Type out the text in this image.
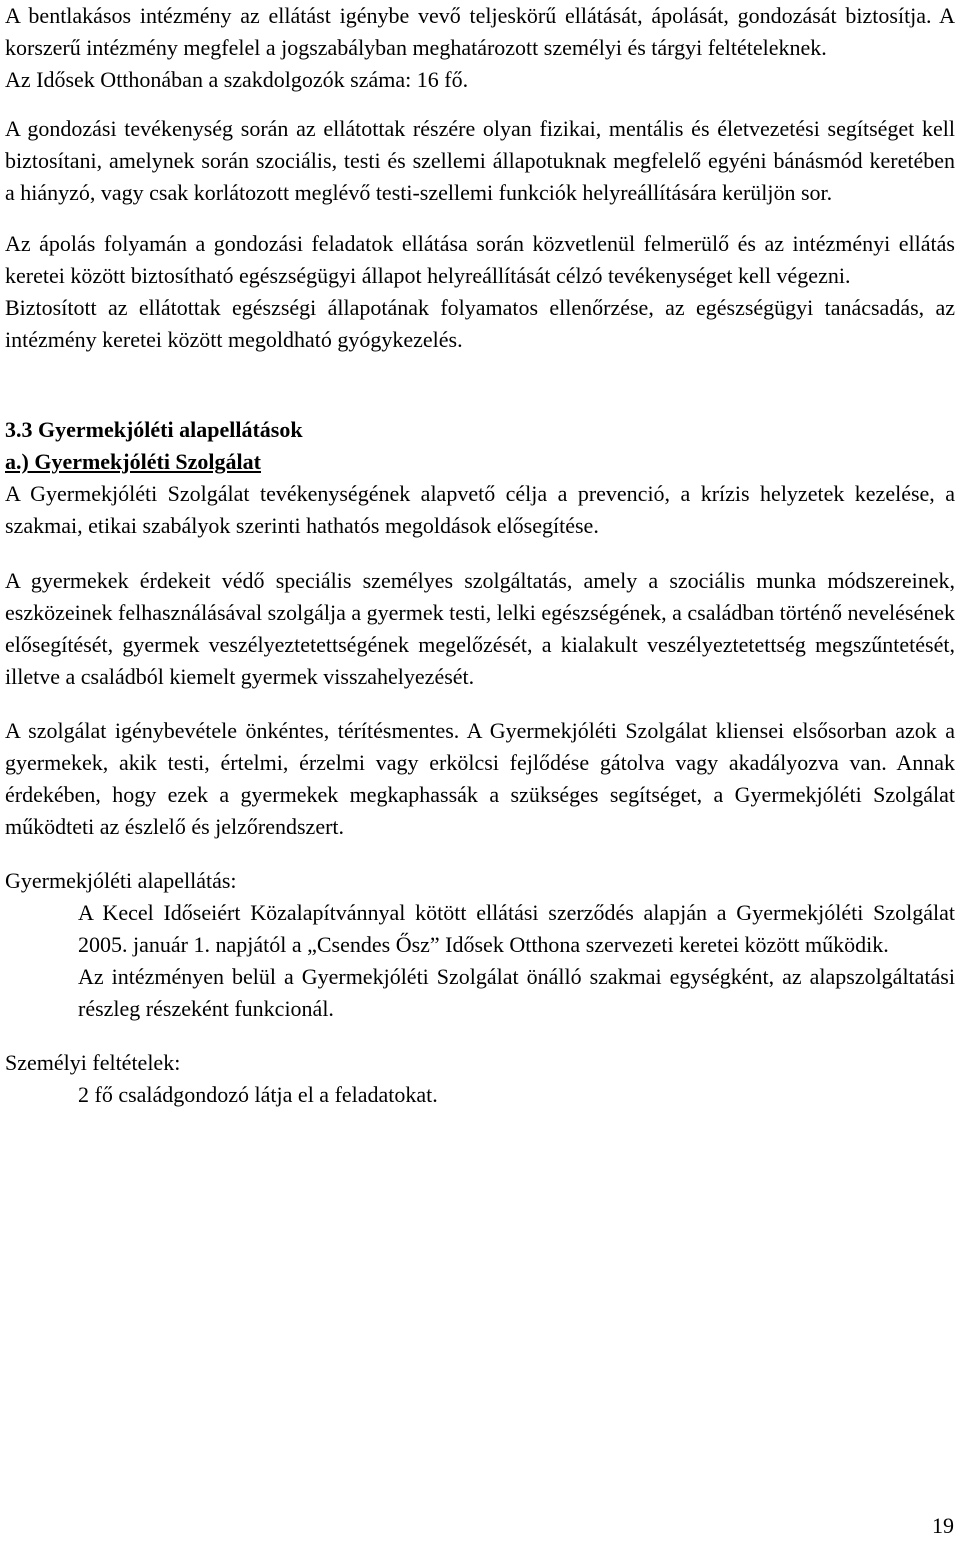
A bentlakásos intézmény az ellátást igénybe vevő teljeskörű ellátását, ápolását, gondozását biztosítja. A korszerű intézmény megfelel a jogszabályban meghatározott személyi és tárgyi feltételeknek.

Az Idősek Otthonában a szakdolgozók száma: 16 fő.

A gondozási tevékenység során az ellátottak részére olyan fizikai, mentális és életvezetési segítséget kell biztosítani, amelynek során szociális, testi és szellemi állapotuknak megfelelő egyéni bánásmód keretében a hiányzó, vagy csak korlátozott meglévő testi-szellemi funkciók helyreállítására kerüljön sor.

Az ápolás folyamán a gondozási feladatok ellátása során közvetlenül felmerülő és az intézményi ellátás keretei között biztosítható egészségügyi állapot helyreállítását célzó tevékenységet kell végezni.

Biztosított az ellátottak egészségi állapotának folyamatos ellenőrzése, az egészségügyi tanácsadás, az intézmény keretei között megoldható gyógykezelés.

3.3 Gyermekjóléti alapellátások

a.) Gyermekjóléti Szolgálat

A Gyermekjóléti Szolgálat tevékenységének alapvető célja a prevenció, a krízis helyzetek kezelése, a szakmai, etikai szabályok szerinti hathatós megoldások elősegítése.

A gyermekek érdekeit védő speciális személyes szolgáltatás, amely a szociális munka módszereinek, eszközeinek felhasználásával szolgálja a gyermek testi, lelki egészségének, a családban történő nevelésének elősegítését, gyermek veszélyeztetettségének megelőzését, a kialakult veszélyeztetettség megszűntetését, illetve a családból kiemelt gyermek visszahelyezését.

A szolgálat igénybevétele önkéntes, térítésmentes. A Gyermekjóléti Szolgálat kliensei elsősorban azok a gyermekek, akik testi, értelmi, érzelmi vagy erkölcsi fejlődése gátolva vagy akadályozva van. Annak érdekében, hogy ezek a gyermekek megkaphassák a szükséges segítséget, a Gyermekjóléti Szolgálat működteti az észlelő és jelzőrendszert.

Gyermekjóléti alapellátás:

A Kecel Időseiért Közalapítvánnyal kötött ellátási szerződés alapján a Gyermekjóléti Szolgálat 2005. január 1. napjától a „Csendes Ősz” Idősek Otthona szervezeti keretei között működik.

Az intézményen belül a Gyermekjóléti Szolgálat önálló szakmai egységként, az alapszolgáltatási részleg részeként funkcionál.

Személyi feltételek:

2 fő családgondozó látja el a feladatokat.

19
